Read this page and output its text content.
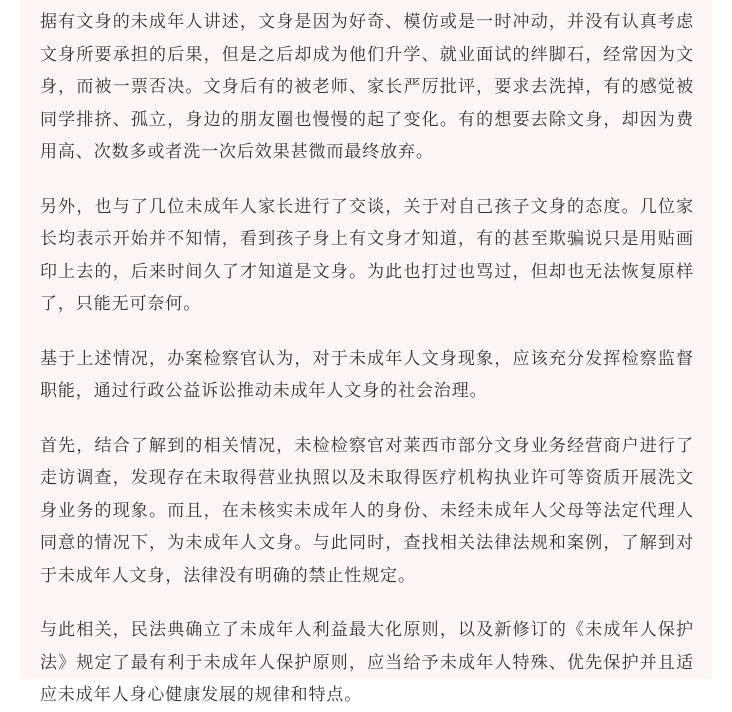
据有文身的未成年人讲述，文身是因为好奇、模仿或是一时冲动，并没有认真考虑文身所要承担的后果，但是之后却成为他们升学、就业面试的绊脚石，经常因为文身，而被一票否决。文身后有的被老师、家长严厉批评，要求去洗掉，有的感觉被同学排挤、孤立，身边的朋友圈也慢慢的起了变化。有的想要去除文身，却因为费用高、次数多或者洗一次后效果甚微而最终放弃。

另外，也与了几位未成年人家长进行了交谈，关于对自己孩子文身的态度。几位家长均表示开始并不知情，看到孩子身上有文身才知道，有的甚至欺骗说只是用贴画印上去的，后来时间久了才知道是文身。为此也打过也骂过，但却也无法恢复原样了，只能无可奈何。

基于上述情况，办案检察官认为，对于未成年人文身现象，应该充分发挥检察监督职能，通过行政公益诉讼推动未成年人文身的社会治理。

首先，结合了解到的相关情况，未检检察官对莱西市部分文身业务经营商户进行了走访调查，发现存在未取得营业执照以及未取得医疗机构执业许可等资质开展洗文身业务的现象。而且，在未核实未成年人的身份、未经未成年人父母等法定代理人同意的情况下，为未成年人文身。与此同时，查找相关法律法规和案例，了解到对于未成年人文身，法律没有明确的禁止性规定。

与此相关，民法典确立了未成年人利益最大化原则，以及新修订的《未成年人保护法》规定了最有利于未成年人保护原则，应当给予未成年人特殊、优先保护并且适应未成年人身心健康发展的规律和特点。
